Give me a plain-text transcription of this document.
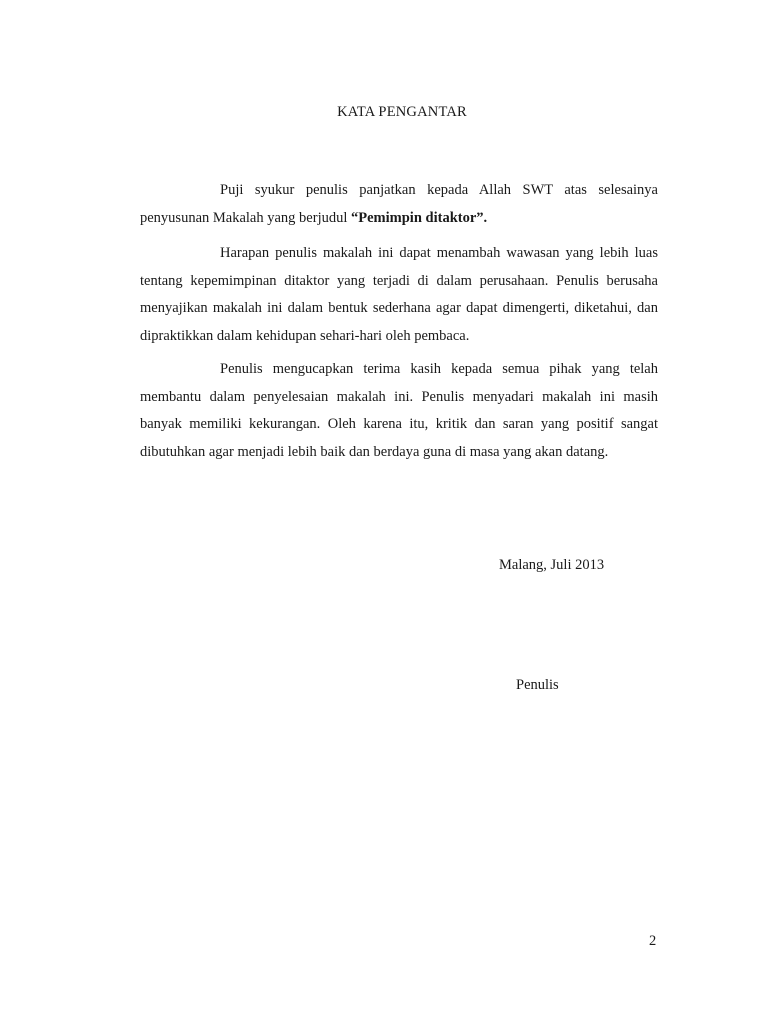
KATA PENGANTAR

Puji syukur penulis panjatkan kepada Allah SWT atas selesainya penyusunan Makalah yang berjudul “Pemimpin ditaktor”.

Harapan penulis makalah ini dapat menambah wawasan yang lebih luas tentang kepemimpinan ditaktor yang terjadi di dalam perusahaan. Penulis berusaha menyajikan makalah ini dalam bentuk sederhana agar dapat dimengerti, diketahui, dan dipraktikkan dalam kehidupan sehari-hari oleh pembaca.

Penulis mengucapkan terima kasih kepada semua pihak yang telah membantu dalam penyelesaian makalah ini. Penulis menyadari makalah ini masih banyak memiliki kekurangan. Oleh karena itu, kritik dan saran yang positif sangat dibutuhkan agar menjadi lebih baik dan berdaya guna di masa yang akan datang.

Malang, Juli 2013
Penulis
2
